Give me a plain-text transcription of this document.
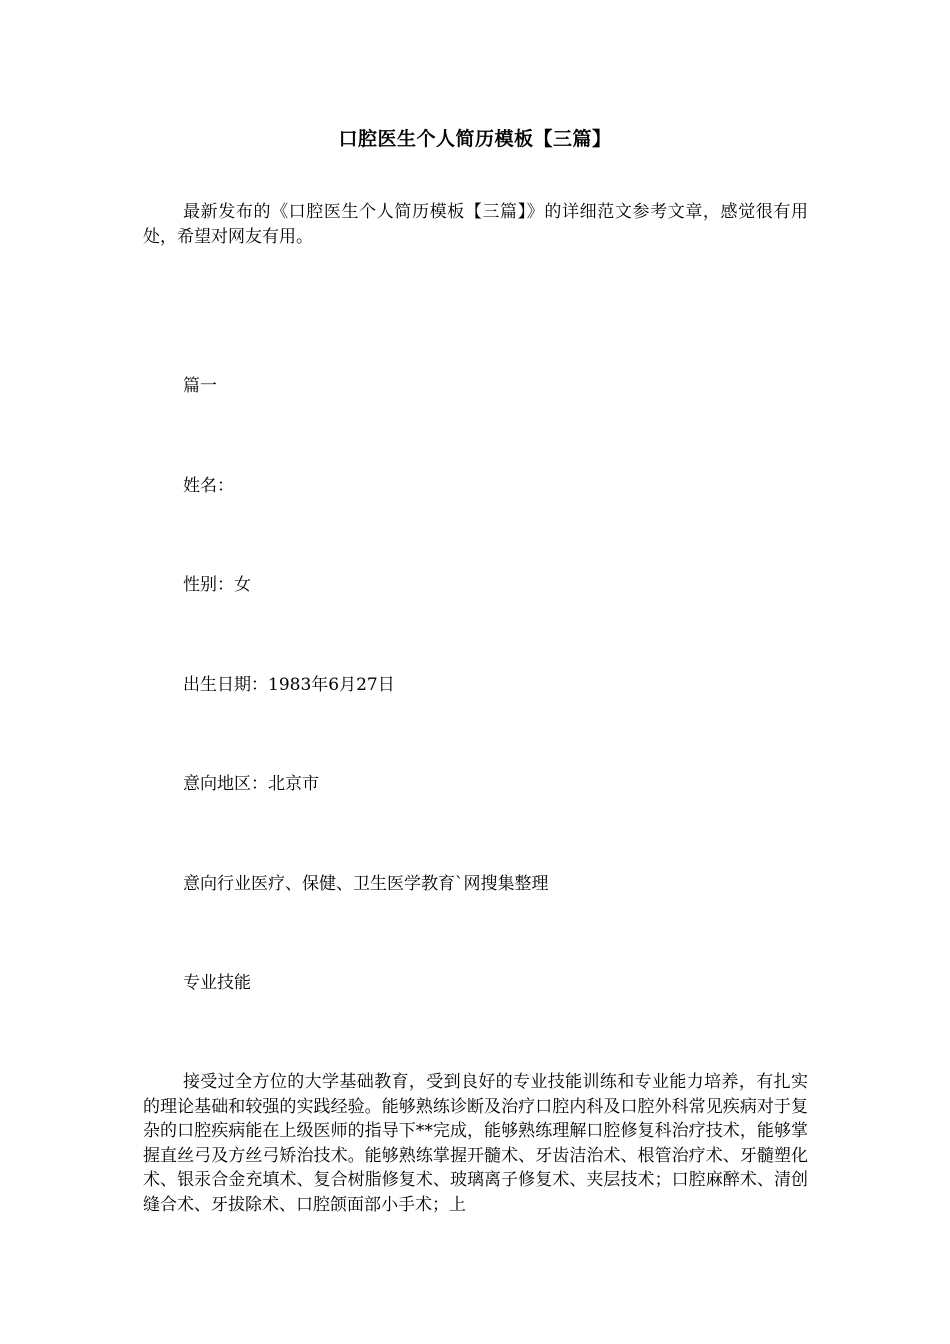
口腔医生个人简历模板【三篇】
最新发布的《口腔医生个人简历模板【三篇】》的详细范文参考文章，感觉很有用处，希望对网友有用。
篇一
姓名：
性别：女
出生日期：1983年6月27日
意向地区：北京市
意向行业医疗、保健、卫生医学教育`网搜集整理
专业技能
接受过全方位的大学基础教育，受到良好的专业技能训练和专业能力培养，有扎实的理论基础和较强的实践经验。能够熟练诊断及治疗口腔内科及口腔外科常见疾病对于复杂的口腔疾病能在上级医师的指导下**完成，能够熟练理解口腔修复科治疗技术，能够掌握直丝弓及方丝弓矫治技术。能够熟练掌握开髓术、牙齿洁治术、根管治疗术、牙髓塑化术、银汞合金充填术、复合树脂修复术、玻璃离子修复术、夹层技术；口腔麻醉术、清创缝合术、牙拔除术、口腔颌面部小手术；上
